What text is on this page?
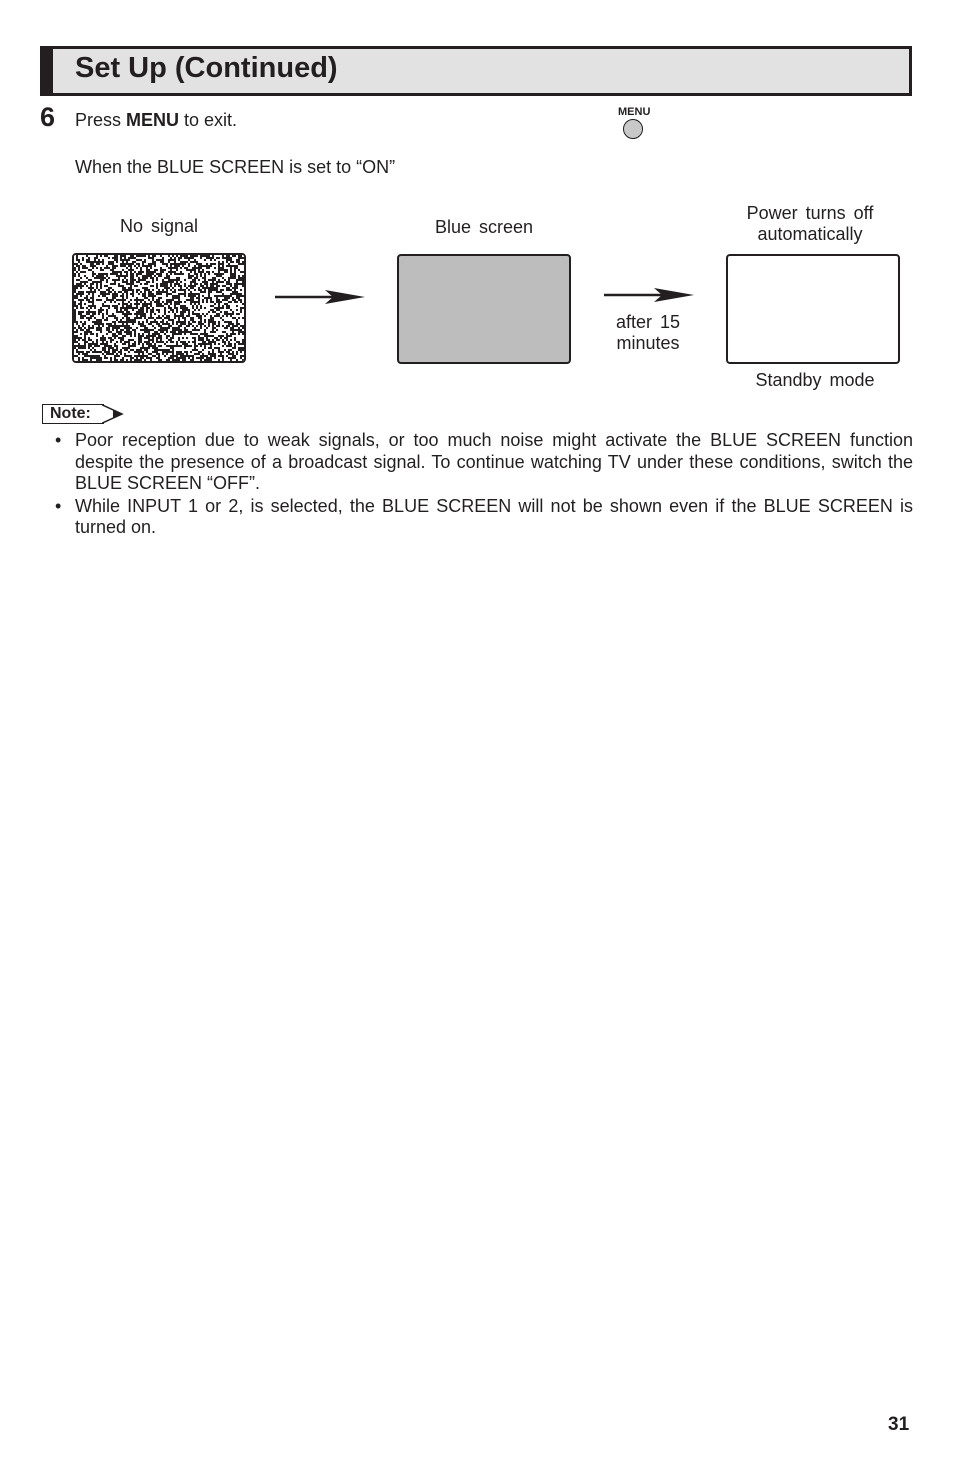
Set Up (Continued)
6 Press MENU to exit.	MENU
When the BLUE SCREEN is set to “ON”
No signal	Blue screen
Power turns off
automatically
after 15
minutes
Standby mode
Note:
• Poor reception due to weak signals, or too much noise might activate the BLUE SCREEN function despite the presence of a broadcast signal. To continue watching TV under these conditions, switch the BLUE SCREEN “OFF”.
• While INPUT 1 or 2, is selected, the BLUE SCREEN will not be shown even if the BLUE SCREEN is turned on.
31
